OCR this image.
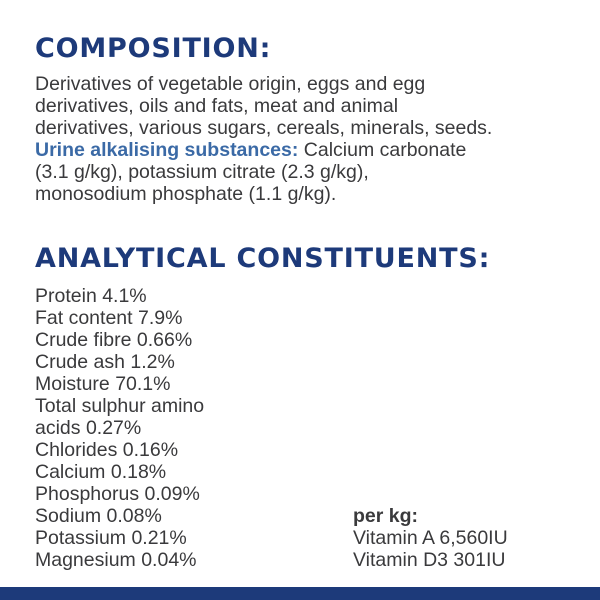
COMPOSITION:
Derivatives of vegetable origin, eggs and egg
derivatives, oils and fats, meat and animal
derivatives, various sugars, cereals, minerals, seeds.
Urine alkalising substances: Calcium carbonate
(3.1 g/kg), potassium citrate (2.3 g/kg),
monosodium phosphate (1.1 g/kg).
ANALYTICAL CONSTITUENTS:
Protein 4.1%
Fat content 7.9%
Crude fibre 0.66%
Crude ash 1.2%
Moisture 70.1%
Total sulphur amino
acids 0.27%
Chlorides 0.16%
Calcium 0.18%
Phosphorus 0.09%
Sodium 0.08%
Potassium 0.21%
Magnesium 0.04%
per kg:
Vitamin A 6,560IU
Vitamin D3 301IU
